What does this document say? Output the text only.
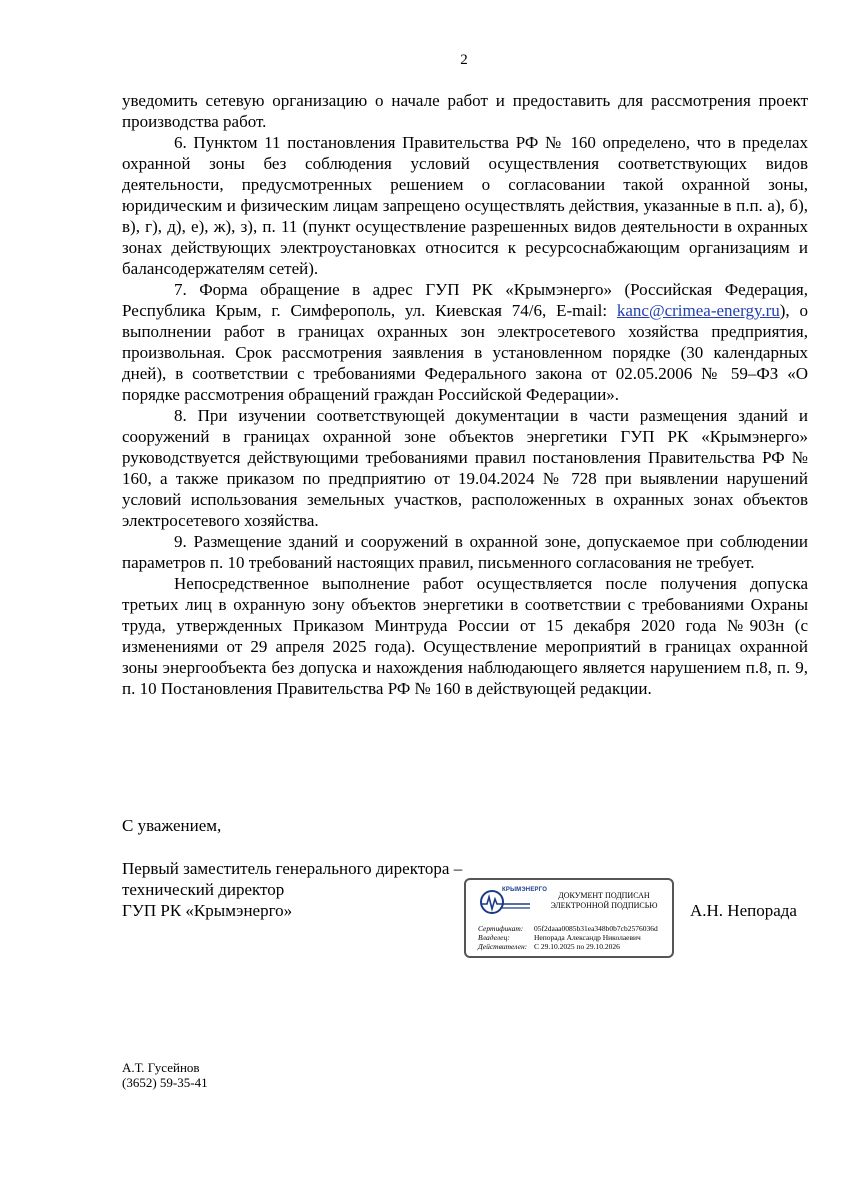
2

уведомить сетевую организацию о начале работ и предоставить для рассмотрения проект производства работ.

6. Пунктом 11 постановления Правительства РФ № 160 определено, что в пределах охранной зоны без соблюдения условий осуществления соответствующих видов деятельности, предусмотренных решением о согласовании такой охранной зоны, юридическим и физическим лицам запрещено осуществлять действия, указанные в п.п. а), б), в), г), д), е), ж), з), п. 11 (пункт осуществление разрешенных видов деятельности в охранных зонах действующих электроустановках относится к ресурсоснабжающим организациям и балансодержателям сетей).

7. Форма обращение в адрес ГУП РК «Крымэнерго» (Российская Федерация, Республика Крым, г. Симферополь, ул. Киевская 74/6, E-mail: kanc@crimea-energy.ru), о выполнении работ в границах охранных зон электросетевого хозяйства предприятия, произвольная. Срок рассмотрения заявления в установленном порядке (30 календарных дней), в соответствии с требованиями Федерального закона от 02.05.2006 № 59–ФЗ «О порядке рассмотрения обращений граждан Российской Федерации».

8. При изучении соответствующей документации в части размещения зданий и сооружений в границах охранной зоне объектов энергетики ГУП РК «Крымэнерго» руководствуется действующими требованиями правил постановления Правительства РФ № 160, а также приказом по предприятию от 19.04.2024 № 728 при выявлении нарушений условий использования земельных участков, расположенных в охранных зонах объектов электросетевого хозяйства.

9. Размещение зданий и сооружений в охранной зоне, допускаемое при соблюдении параметров п. 10 требований настоящих правил, письменного согласования не требует.

Непосредственное выполнение работ осуществляется после получения допуска третьих лиц в охранную зону объектов энергетики в соответствии с требованиями Охраны труда, утвержденных Приказом Минтруда России от 15 декабря 2020 года №903н (с изменениями от 29 апреля 2025 года). Осуществление мероприятий в границах охранной зоны энергообъекта без допуска и нахождения наблюдающего является нарушением п.8, п. 9, п. 10 Постановления Правительства РФ № 160 в действующей редакции.

С уважением,
Первый заместитель генерального директора –
технический директор
ГУП РК «Крымэнерго»
КРЫМЭНЕРГО
ДОКУМЕНТ ПОДПИСАН
ЭЛЕКТРОННОЙ ПОДПИСЬЮ
Сертификат: 05f2daaa0085b31ea348b0b7cb2576036d
Владелец:	Непорада Александр Николаевич
Действителен: С 29.10.2025 по 29.10.2026
А.Н. Непорада
А.Т. Гусейнов
(3652) 59-35-41
